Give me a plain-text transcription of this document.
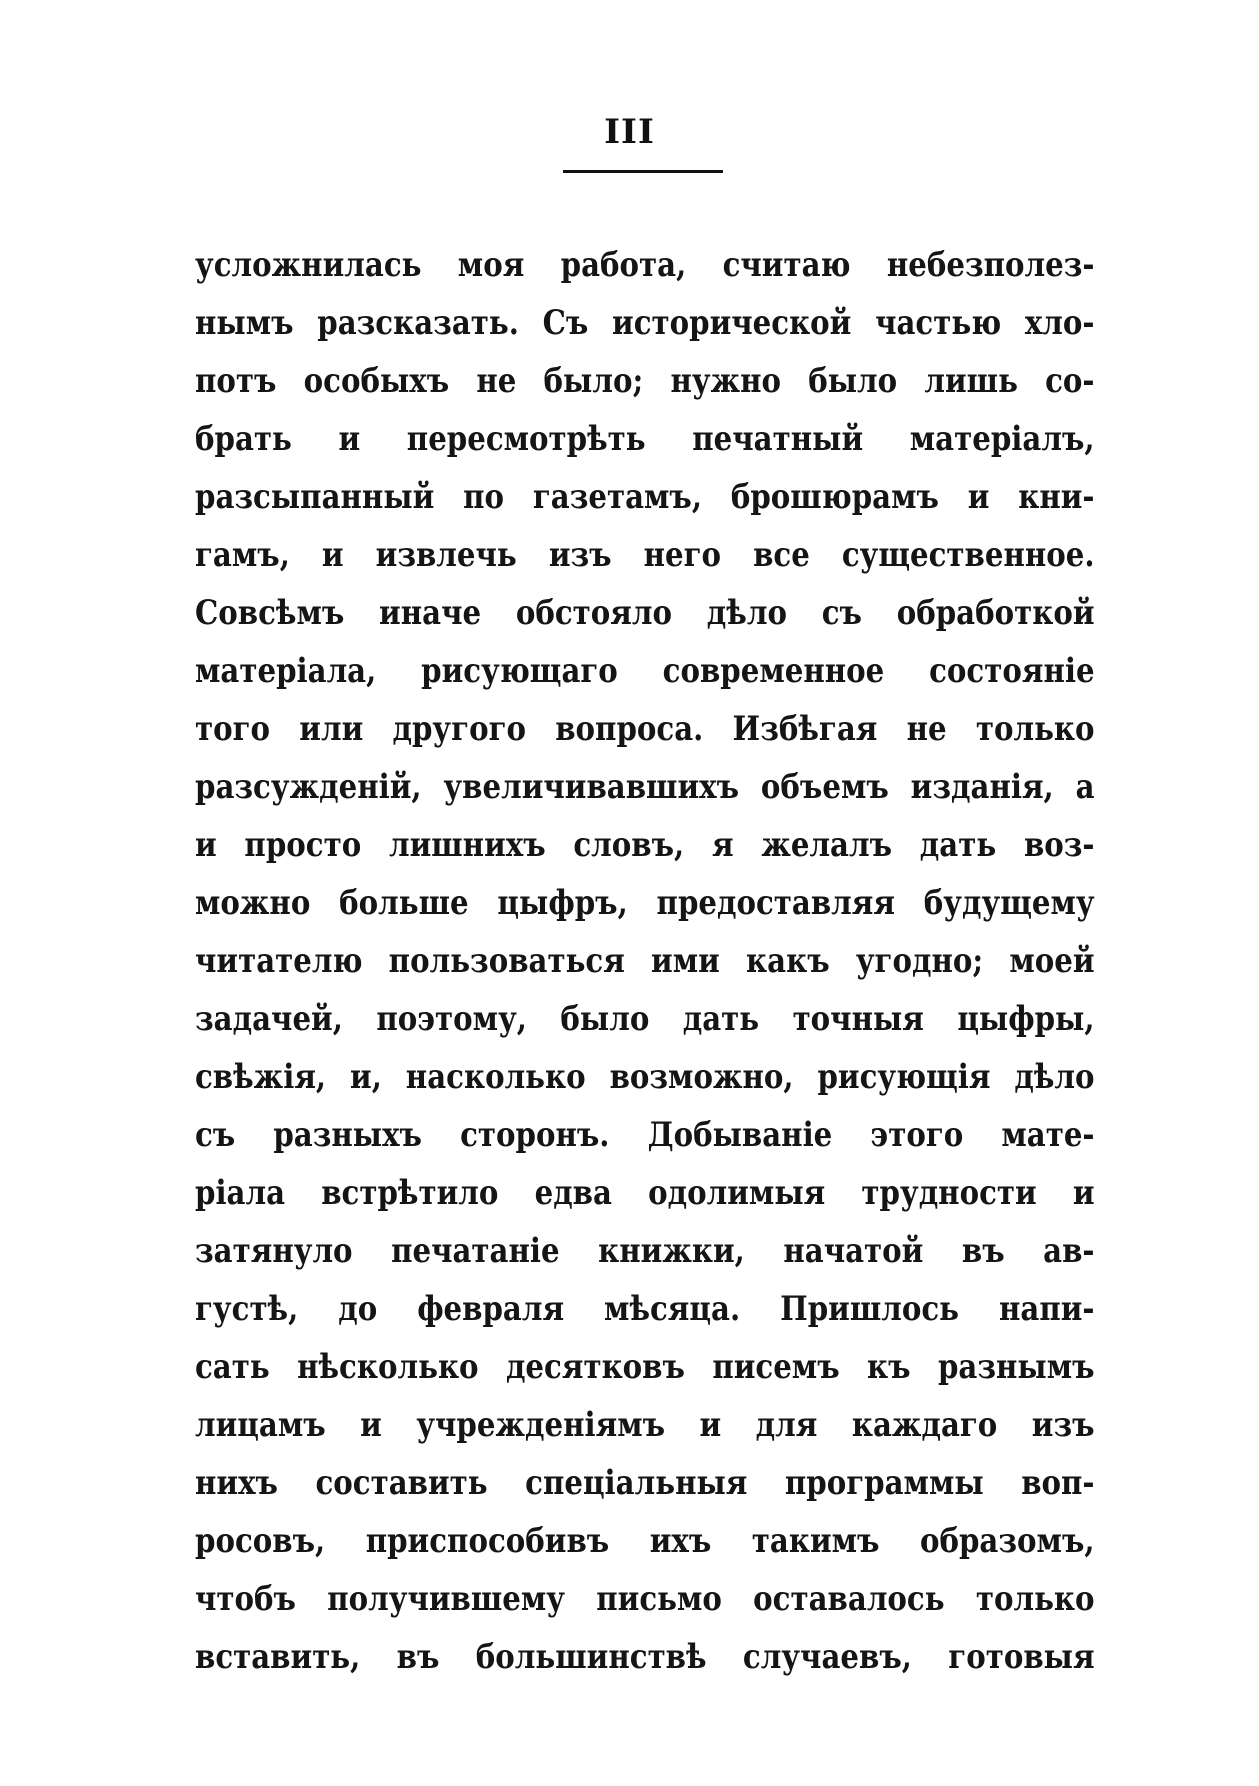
III
усложнилась моя работа, считаю небезполез-
нымъ разсказать. Съ исторической частью хло-
потъ особыхъ не было; нужно было лишь со-
брать и пересмотрѣть печатный матеріалъ,
разсыпанный по газетамъ, брошюрамъ и кни-
гамъ, и извлечь изъ него все существенное.
Совсѣмъ иначе обстояло дѣло съ обработкой
матеріала, рисующаго современное состояніе
того или другого вопроса. Избѣгая не только
разсужденій, увеличивавшихъ объемъ изданія, а
и просто лишнихъ словъ, я желалъ дать воз-
можно больше цыфръ, предоставляя будущему
читателю пользоваться ими какъ угодно; моей
задачей, поэтому, было дать точныя цыфры,
свѣжія, и, насколько возможно, рисующія дѣло
съ разныхъ сторонъ. Добываніе этого мате-
ріала встрѣтило едва одолимыя трудности и
затянуло печатаніе книжки, начатой въ ав-
густѣ, до февраля мѣсяца. Пришлось напи-
сать нѣсколько десятковъ писемъ къ разнымъ
лицамъ и учрежденіямъ и для каждаго изъ
нихъ составить спеціальныя программы воп-
росовъ, приспособивъ ихъ такимъ образомъ,
чтобъ получившему письмо оставалось только
вставить, въ большинствѣ случаевъ, готовыя
